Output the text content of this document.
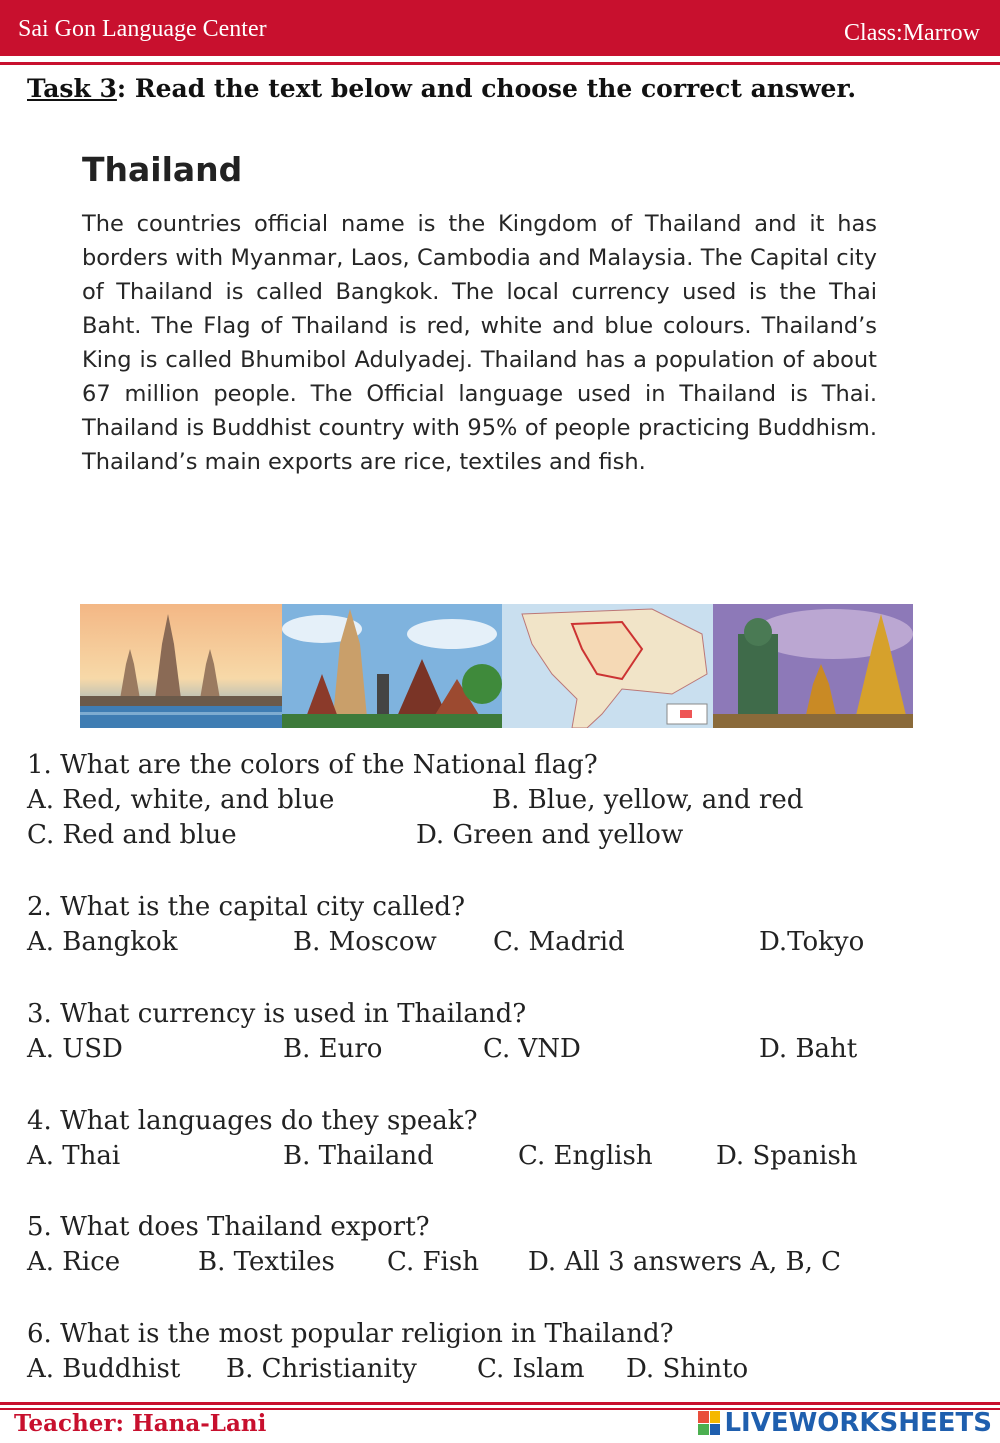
Sai Gon Language Center	Class:Marrow
Task 3: Read the text below and choose the correct answer.
Thailand
The countries official name is the Kingdom of Thailand and it has borders with Myanmar, Laos, Cambodia and Malaysia. The Capital city of Thailand is called Bangkok. The local currency used is the Thai Baht. The Flag of Thailand is red, white and blue colours. Thailand’s King is called Bhumibol Adulyadej. Thailand has a population of about 67 million people. The Official language used in Thailand is Thai. Thailand is Buddhist country with 95% of people practicing Buddhism. Thailand’s main exports are rice, textiles and fish.
1. What are the colors of the National flag?
A. Red, white, and blue	B. Blue, yellow, and red
C. Red and blue	D. Green and yellow
2. What is the capital city called?
A. Bangkok	B. Moscow C. Madrid	D.Tokyo
3. What currency is used in Thailand?
A. USD	B. Euro	C. VND	D. Baht
4. What languages do they speak?
A. Thai	B. Thailand	C. English D. Spanish
5. What does Thailand export?
A. Rice	B. Textiles C. Fish D. All 3 answers A, B, C
6. What is the most popular religion in Thailand?
A. Buddhist B. Christianity C. Islam D. Shinto
Teacher: Hana-Lani	LIVEWORKSHEETS
